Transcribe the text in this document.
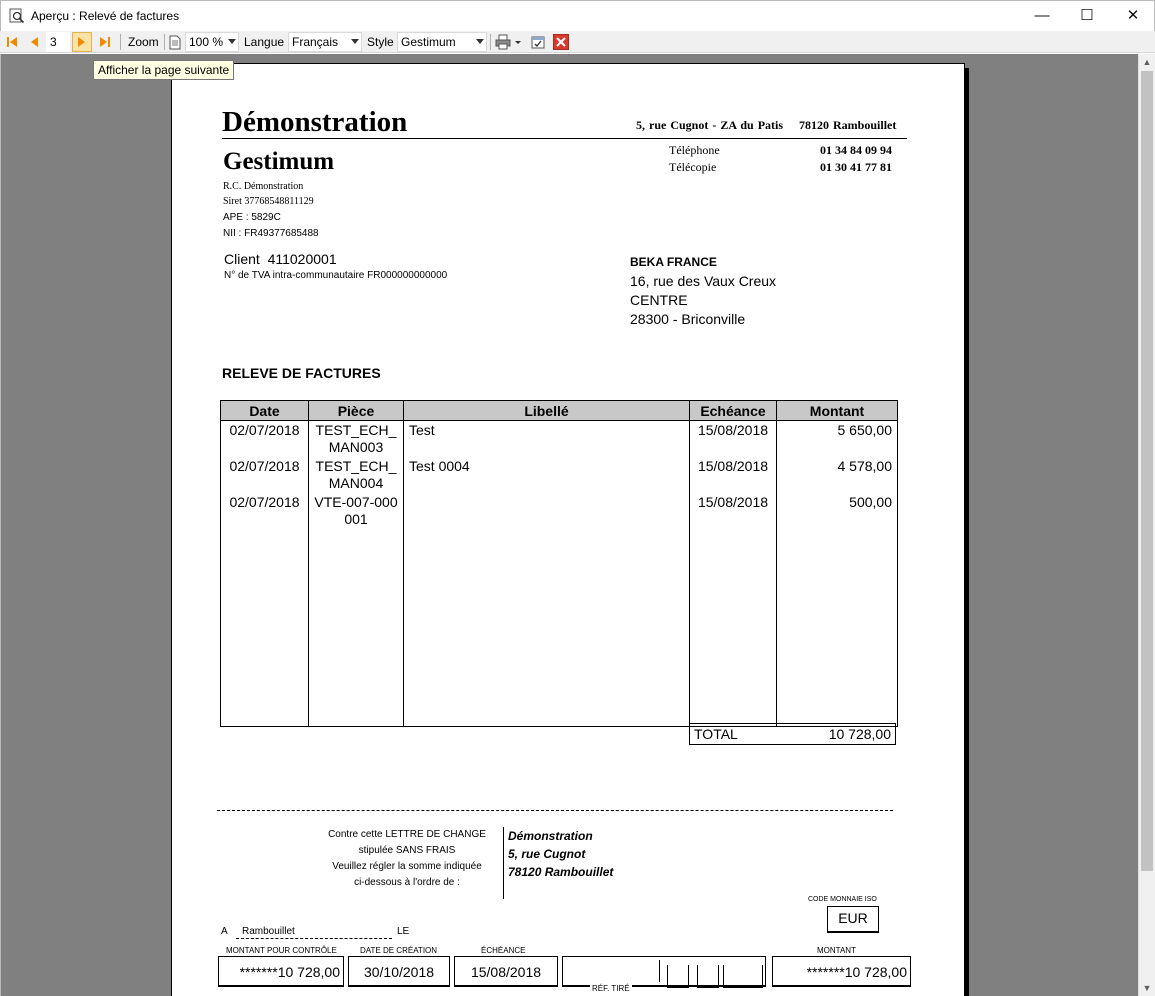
Aperçu : Relevé de factures	—	☐	✕
3
Zoom	100 % Langue Français Style Gestimum
▲
▼
Démonstration	5, rue Cugnot - ZA du Patis    78120 Rambouillet
Gestimum	Téléphone	01 34 84 09 94
Télécopie	01 30 41 77 81
R.C. Démonstration
Siret 37768548811129
APE : 5829C
NII : FR49377685488
Client  411020001
N° de TVA intra-communautaire FR000000000000
BEKA FRANCE
16, rue des Vaux Creux
CENTRE
28300 - Briconville
RELEVE DE FACTURES
Date	Pièce	Libellé	Echéance	Montant
02/07/2018	TEST_ECH_MAN003	Test	15/08/2018	5 650,00
02/07/2018	TEST_ECH_MAN004	Test 0004	15/08/2018	4 578,00
02/07/2018	VTE-007-000001		15/08/2018	500,00

TOTAL	10 728,00
Contre cette LETTRE DE CHANGE
stipulée SANS FRAIS
Veuillez régler la somme indiquée
ci-dessous à l'ordre de :
Démonstration
5, rue Cugnot
78120 Rambouillet
CODE MONNAIE ISO
EUR
A Rambouillet	LE
MONTANT POUR CONTRÔLE	DATE DE CRÉATION	ÉCHÉANCE	MONTANT
*******10 728,00	30/10/2018	15/08/2018
RÉF. TIRÉ
*******10 728,00
Afficher la page suivante
